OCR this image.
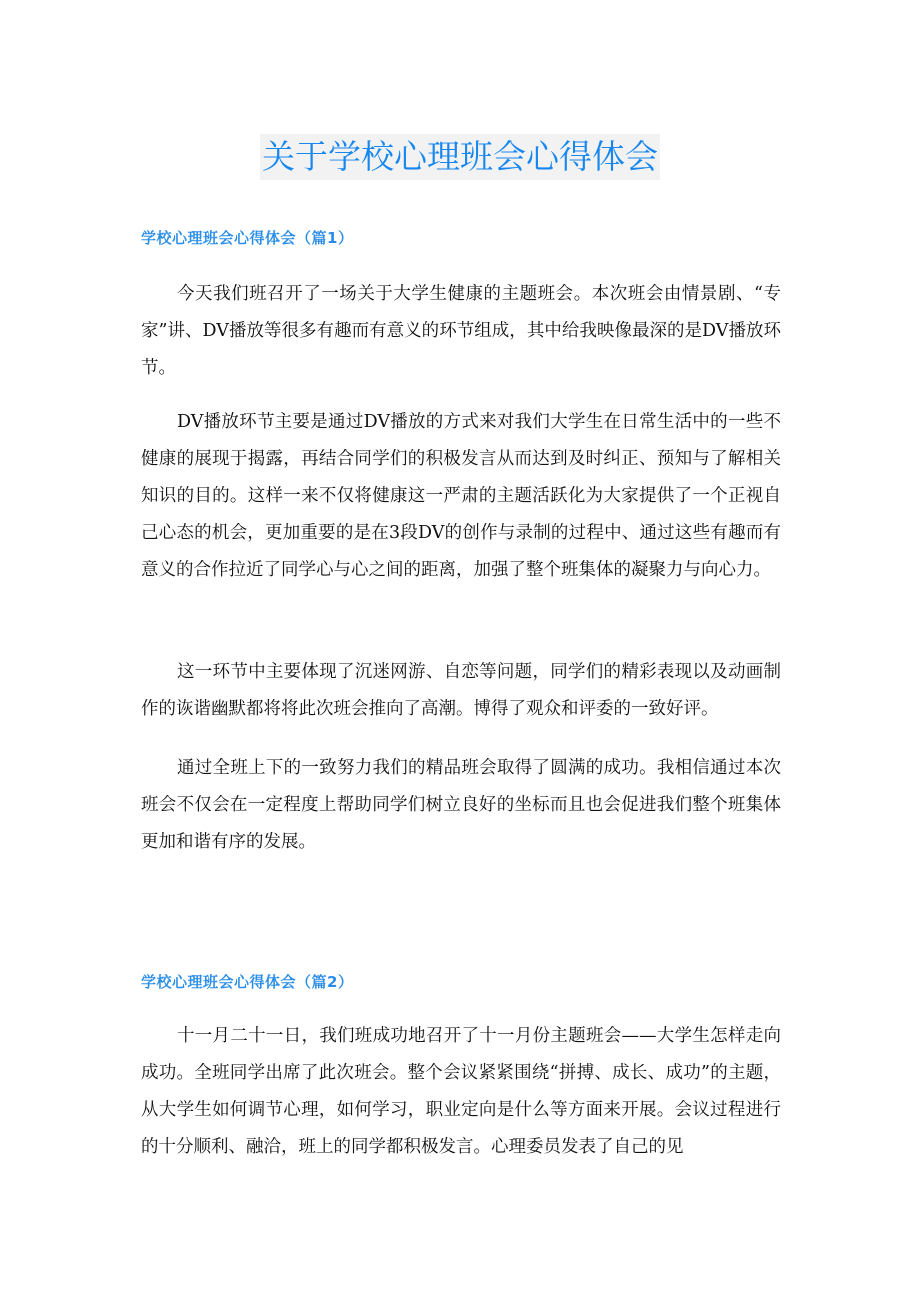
关于学校心理班会心得体会
学校心理班会心得体会（篇1）

今天我们班召开了一场关于大学生健康的主题班会。本次班会由情景剧、“专家”讲、DV播放等很多有趣而有意义的环节组成，其中给我映像最深的是DV播放环节。

DV播放环节主要是通过DV播放的方式来对我们大学生在日常生活中的一些不健康的展现于揭露，再结合同学们的积极发言从而达到及时纠正、预知与了解相关知识的目的。这样一来不仅将健康这一严肃的主题活跃化为大家提供了一个正视自己心态的机会，更加重要的是在3段DV的创作与录制的过程中、通过这些有趣而有意义的合作拉近了同学心与心之间的距离，加强了整个班集体的凝聚力与向心力。

这一环节中主要体现了沉迷网游、自恋等问题，同学们的精彩表现以及动画制作的诙谐幽默都将将此次班会推向了高潮。博得了观众和评委的一致好评。

通过全班上下的一致努力我们的精品班会取得了圆满的成功。我相信通过本次班会不仅会在一定程度上帮助同学们树立良好的坐标而且也会促进我们整个班集体更加和谐有序的发展。

学校心理班会心得体会（篇2）

十一月二十一日，我们班成功地召开了十一月份主题班会——大学生怎样走向成功。全班同学出席了此次班会。整个会议紧紧围绕“拼搏、成长、成功”的主题，从大学生如何调节心理，如何学习，职业定向是什么等方面来开展。会议过程进行的十分顺利、融洽，班上的同学都积极发言。心理委员发表了自己的见
